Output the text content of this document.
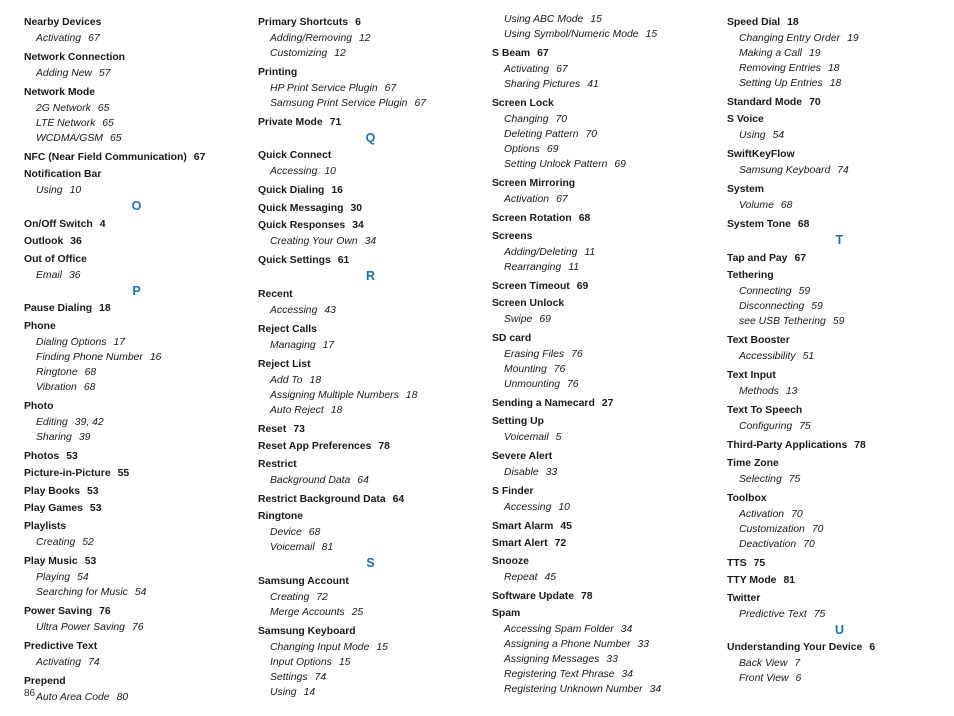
Nearby Devices
Activating 67
Network Connection
Adding New 57
Network Mode
2G Network 65
LTE Network 65
WCDMA/GSM 65
NFC (Near Field Communication) 67
Notification Bar
Using 10
O
On/Off Switch 4
Outlook 36
Out of Office
Email 36
P
Pause Dialing 18
Phone
Dialing Options 17
Finding Phone Number 16
Ringtone 68
Vibration 68
Photo
Editing 39, 42
Sharing 39
Photos 53
Picture-in-Picture 55
Play Books 53
Play Games 53
Playlists
Creating 52
Play Music 53
Playing 54
Searching for Music 54
Power Saving 76
Ultra Power Saving 76
Predictive Text
Activating 74
Prepend
Auto Area Code 80
Primary Shortcuts 6
Adding/Removing 12
Customizing 12
Printing
HP Print Service Plugin 67
Samsung Print Service Plugin 67
Private Mode 71
Q
Quick Connect
Accessing 10
Quick Dialing 16
Quick Messaging 30
Quick Responses 34
Creating Your Own 34
Quick Settings 61
R
Recent
Accessing 43
Reject Calls
Managing 17
Reject List
Add To 18
Assigning Multiple Numbers 18
Auto Reject 18
Reset 73
Reset App Preferences 78
Restrict
Background Data 64
Restrict Background Data 64
Ringtone
Device 68
Voicemail 81
S
Samsung Account
Creating 72
Merge Accounts 25
Samsung Keyboard
Changing Input Mode 15
Input Options 15
Settings 74
Using 14
Using ABC Mode 15
Using Symbol/Numeric Mode 15
S Beam 67
Activating 67
Sharing Pictures 41
Screen Lock
Changing 70
Deleting Pattern 70
Options 69
Setting Unlock Pattern 69
Screen Mirroring
Activation 67
Screen Rotation 68
Screens
Adding/Deleting 11
Rearranging 11
Screen Timeout 69
Screen Unlock
Swipe 69
SD card
Erasing Files 76
Mounting 76
Unmounting 76
Sending a Namecard 27
Setting Up
Voicemail 5
Severe Alert
Disable 33
S Finder
Accessing 10
Smart Alarm 45
Smart Alert 72
Snooze
Repeat 45
Software Update 78
Spam
Accessing Spam Folder 34
Assigning a Phone Number 33
Assigning Messages 33
Registering Text Phrase 34
Registering Unknown Number 34
Speed Dial 18
Changing Entry Order 19
Making a Call 19
Removing Entries 18
Setting Up Entries 18
Standard Mode 70
S Voice
Using 54
SwiftKeyFlow
Samsung Keyboard 74
System
Volume 68
System Tone 68
T
Tap and Pay 67
Tethering
Connecting 59
Disconnecting 59
see USB Tethering 59
Text Booster
Accessibility 51
Text Input
Methods 13
Text To Speech
Configuring 75
Third-Party Applications 78
Time Zone
Selecting 75
Toolbox
Activation 70
Customization 70
Deactivation 70
TTS 75
TTY Mode 81
Twitter
Predictive Text 75
U
Understanding Your Device 6
Back View 7
Front View 6
86
